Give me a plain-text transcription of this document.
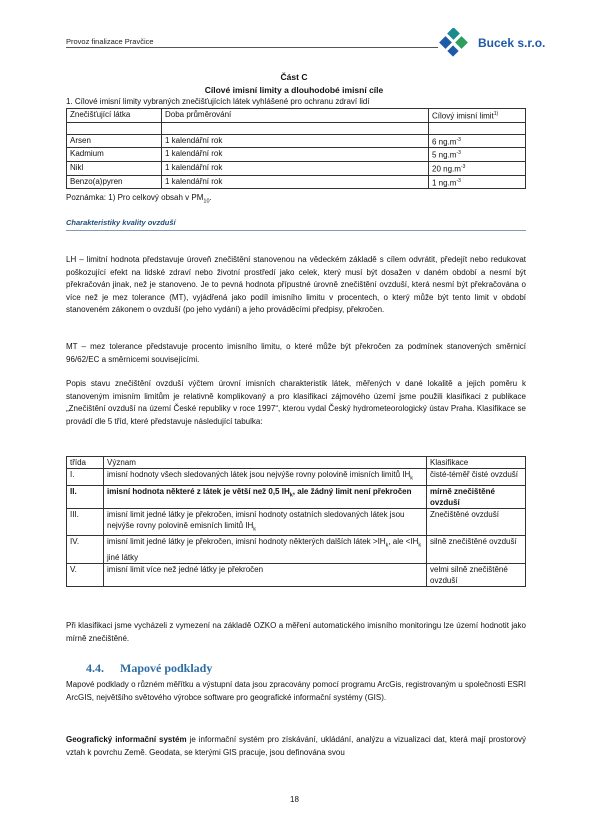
Provoz finalizace Pravčice	Bucek s.r.o.
Část C
Cílové imisní limity a dlouhodobé imisní cíle
1. Cílové imisní limity vybraných znečišťujících látek vyhlášené pro ochranu zdraví lidí
Znečišťující látka	Doba průměrování	Cílový imisní limit$^{1)}$

Arsen	1 kalendářní rok	6 $ng.m^{-3}$
Kadmium	1 kalendářní rok	5 $ng.m^{-3}$
Nikl	1 kalendářní rok	20 $ng.m^{-3}$
Benzo(a)pyren	1 kalendářní rok	1 $ng.m^{-3}$
Poznámka: 1) Pro celkový obsah v $PM_{10}$.
Charakteristiky kvality ovzduší

LH – limitní hodnota představuje úroveň znečištění stanovenou na vědeckém základě s cílem odvrátit, předejít nebo redukovat poškozující efekt na lidské zdraví nebo životní prostředí jako celek, který musí být dosažen v daném období a nesmí být překračován jinak, než je stanoveno. Je to pevná hodnota přípustné úrovně znečištění ovzduší, která nesmí být překračována o více než je mez tolerance (MT), vyjádřená jako podíl imisního limitu v procentech, o který může být tento limit v období stanoveném zákonem o ovzduší (po jeho vydání) a jeho prováděcími předpisy, překročen.

MT – mez tolerance představuje procento imisního limitu, o které může být překročen za podmínek stanovených směrnicí 96/62/EC a směrnicemi souvisejícími.

Popis stavu znečištění ovzduší výčtem úrovní imisních charakteristik látek, měřených v dané lokalitě a jejich poměru k stanoveným imisním limitům je relativně komplikovaný a pro klasifikaci zájmového území jsme použili klasifikaci z publikace „Znečištění ovzduší na území České republiky v roce 1997“, kterou vydal Český hydrometeorologický ústav Praha. Klasifikace se provádí dle 5 tříd, které představuje následující tabulka:

třída	Význam	Klasifikace
I.	imisní hodnoty všech sledovaných látek jsou nejvýše rovny polovině imisních limitů $IH_k$	čisté-téměř čisté ovzduší
II.	imisní hodnota některé z látek je větší než 0,5 $IH_k$, ale žádný limit není překročen	mírně znečištěné ovzduší
III.	imisní limit jedné látky je překročen, imisní hodnoty ostatních sledovaných látek jsou nejvýše rovny polovině emisních limitů $IH_k$	Znečištěné ovzduší
IV.	imisní limit jedné látky je překročen, imisní hodnoty některých dalších látek $>IH_k$, ale $<IH_k$ jiné látky	silně znečištěné ovzduší
V.	imisní limit více než jedné látky je překročen	velmi silně znečištěné ovzduší

Při klasifikaci jsme vycházeli z vymezení na základě OZKO a měření automatického imisního monitoringu lze území hodnotit jako mírně znečištěné.

4.4. Mapové podklady

Mapové podklady o různém měřítku a výstupní data jsou zpracovány pomocí programu ArcGis, registrovaným u společnosti ESRI ArcGIS, největšího světového výrobce software pro geografické informační systémy (GIS).

Geografický informační systém je informační systém pro získávání, ukládání, analýzu a vizualizaci dat, která mají prostorový vztah k povrchu Země. Geodata, se kterými GIS pracuje, jsou definována svou

18
